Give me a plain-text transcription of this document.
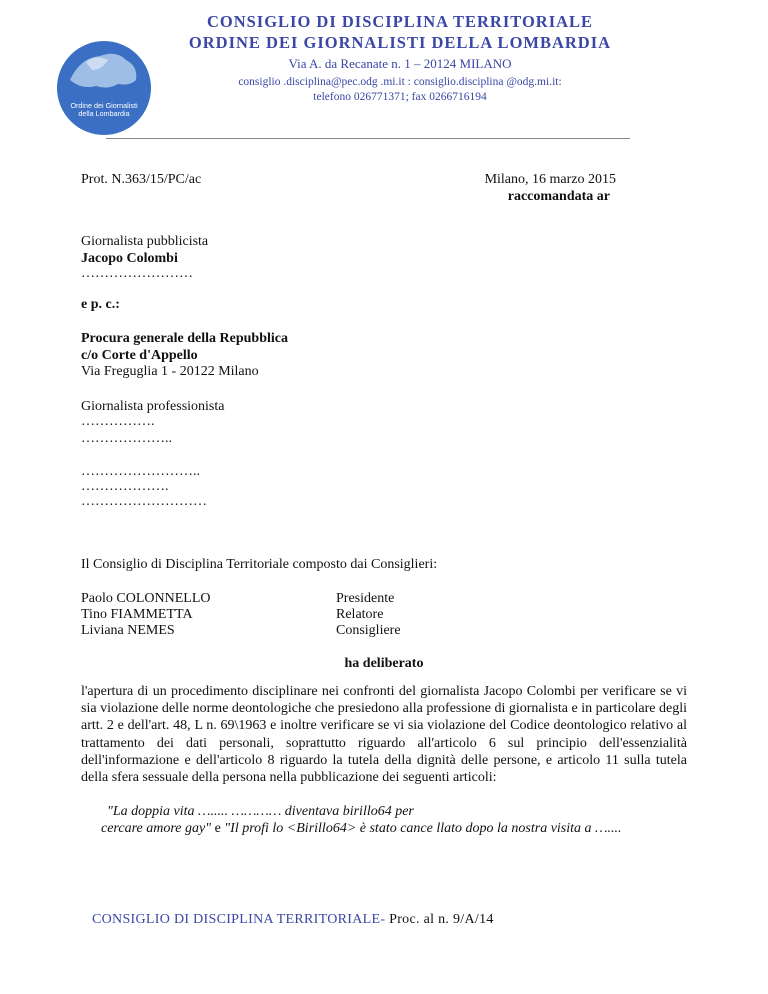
Ordine dei Giornalisti
della Lombardia
CONSIGLIO DI DISCIPLINA TERRITORIALE
ORDINE DEI GIORNALISTI DELLA LOMBARDIA
Via A. da Recanate n. 1 – 20124 MILANO
consiglio .disciplina@pec.odg .mi.it : consiglio.disciplina @odg.mi.it:
telefono 026771371; fax 0266716194
Prot. N.363/15/PC/ac	Milano, 16 marzo 2015
raccomandata ar
Giornalista pubblicista
Jacopo Colombi
……………………
e p. c.:
Procura generale della Repubblica
c/o Corte d'Appello
Via Freguglia 1 - 20122 Milano
Giornalista professionista
…………….
………………..
……………………..
……………….
………………………
Il Consiglio di Disciplina Territoriale composto dai Consiglieri:
Paolo COLONNELLO	Presidente
Tino FIAMMETTA	Relatore
Liviana NEMES	Consigliere
ha deliberato
l'apertura di un procedimento disciplinare nei confronti del giornalista Jacopo Colombi per verificare se vi sia violazione delle norme deontologiche che presiedono alla professione di giornalista e in particolare degli artt. 2 e dell'art. 48, L n. 69\1963 e inoltre verificare se vi sia violazione del Codice deontologico relativo al trattamento dei dati personali, soprattutto riguardo all'articolo 6 sul principio dell'essenzialità dell'informazione e dell'articolo 8 riguardo la tutela della dignità delle persone, e articolo 11 sulla tutela della sfera sessuale della persona nella pubblicazione dei seguenti articoli:
"La doppia vita …..... ………… diventava birillo64 per
cercare amore gay" e "Il profi lo <Birillo64> è stato cance llato dopo la nostra visita a …....
CONSIGLIO DI DISCIPLINA TERRITORIALE- Proc. al n. 9/A/14
